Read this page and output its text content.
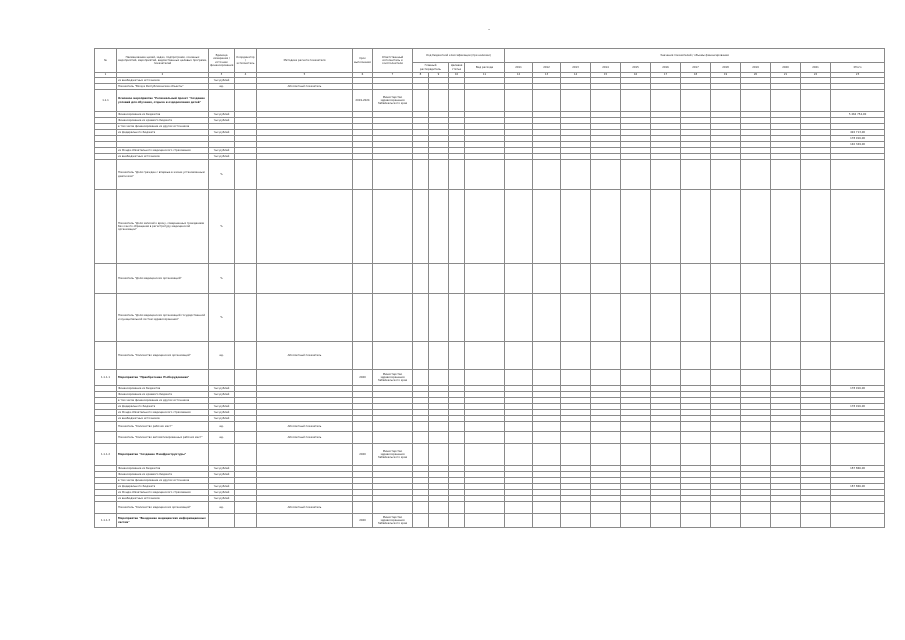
-
№	Наименование целей, задач, подпрограмм, основных мероприятий, мероприятий, ведомственных целевых программ, показателей	Единица измерения / источник финансирования	Координатор / исполнитель	Методика расчета показателя	Срок выполнения	Ответственный исполнитель и соисполнители	Код бюджетной классификации (при наличии)				Значения показателей / объемы финансирования											
							Главный распорядитель		Целевая статья	Вид расхода	2011	2012	2013	2014	2015	2016	2017	2018	2019	2020	2021	Итого
1	2	3	4	5	6	7	8	9	10	11	12	13	14	15	16	17	18	19	20	21	22	23
	из внебюджетных источников	тыс.рублей																				
	Показатель "Вход в Республиканские объекты"	ед.		Абсолютный показатель																		
1.1.1	Основное мероприятие "Региональный проект "Создание условий для обучения, отдыха и оздоровления детей"				2019-2024	Министерство здравоохранения Забайкальского края																
	Финансирование из бюджетов	тыс.рублей																				5 462 754,00
	Финансирование из краевого бюджета	тыс.рублей																				
	в том числе финансирование из других источников																					
	из федерального бюджета	тыс.рублей																				492 713,00
																						178 916,00
																						140 349,00
	из Фонда обязательного медицинского страхования	тыс.рублей																				
	из внебюджетных источников	тыс.рублей																				
	Показатель "Доля граждан с впервые в жизни установленным диагнозом"	%																				
	Показатель "Доля записей к врачу, совершенных гражданами без очного обращения в регистратуру медицинской организации"	%																				
	Показатель "Доля медицинских организаций"	%																				
	Показатель "Доля медицинских организаций государственной и муниципальной систем здравоохранения"	%																				
	Показатель "Количество медицинских организаций"	ед.		Абсолютный показатель																		
1.1.1.1	Мероприятие "Приобретение IT-оборудования"				2020	Министерство здравоохранения Забайкальского края																
	Финансирование из бюджетов	тыс.рублей																				178 916,00
	Финансирование из краевого бюджета	тыс.рублей																				
	в том числе финансирование из других источников																					
	из федерального бюджета	тыс.рублей																				178 916,00
	из Фонда обязательного медицинского страхования	тыс.рублей																				
	из внебюджетных источников	тыс.рублей																				
	Показатель "Количество рабочих мест"	ед.		Абсолютный показатель																		
	Показатель "Количество автоматизированных рабочих мест"	ед.		Абсолютный показатель																		
1.1.1.2	Мероприятие "Создание IT-инфраструктуры"				2020	Министерство здравоохранения Забайкальского края																
	Финансирование из бюджетов	тыс.рублей																				187 866,00
	Финансирование из краевого бюджета	тыс.рублей																				
	в том числе финансирование из других источников																					
	из федерального бюджета	тыс.рублей																				187 866,00
	из Фонда обязательного медицинского страхования	тыс.рублей																				
	из внебюджетных источников	тыс.рублей																				
	Показатель "Количество медицинских организаций"	ед.		Абсолютный показатель																		
1.1.1.3	Мероприятие "Внедрение медицинских информационных систем"				2020	Министерство здравоохранения Забайкальского края																
